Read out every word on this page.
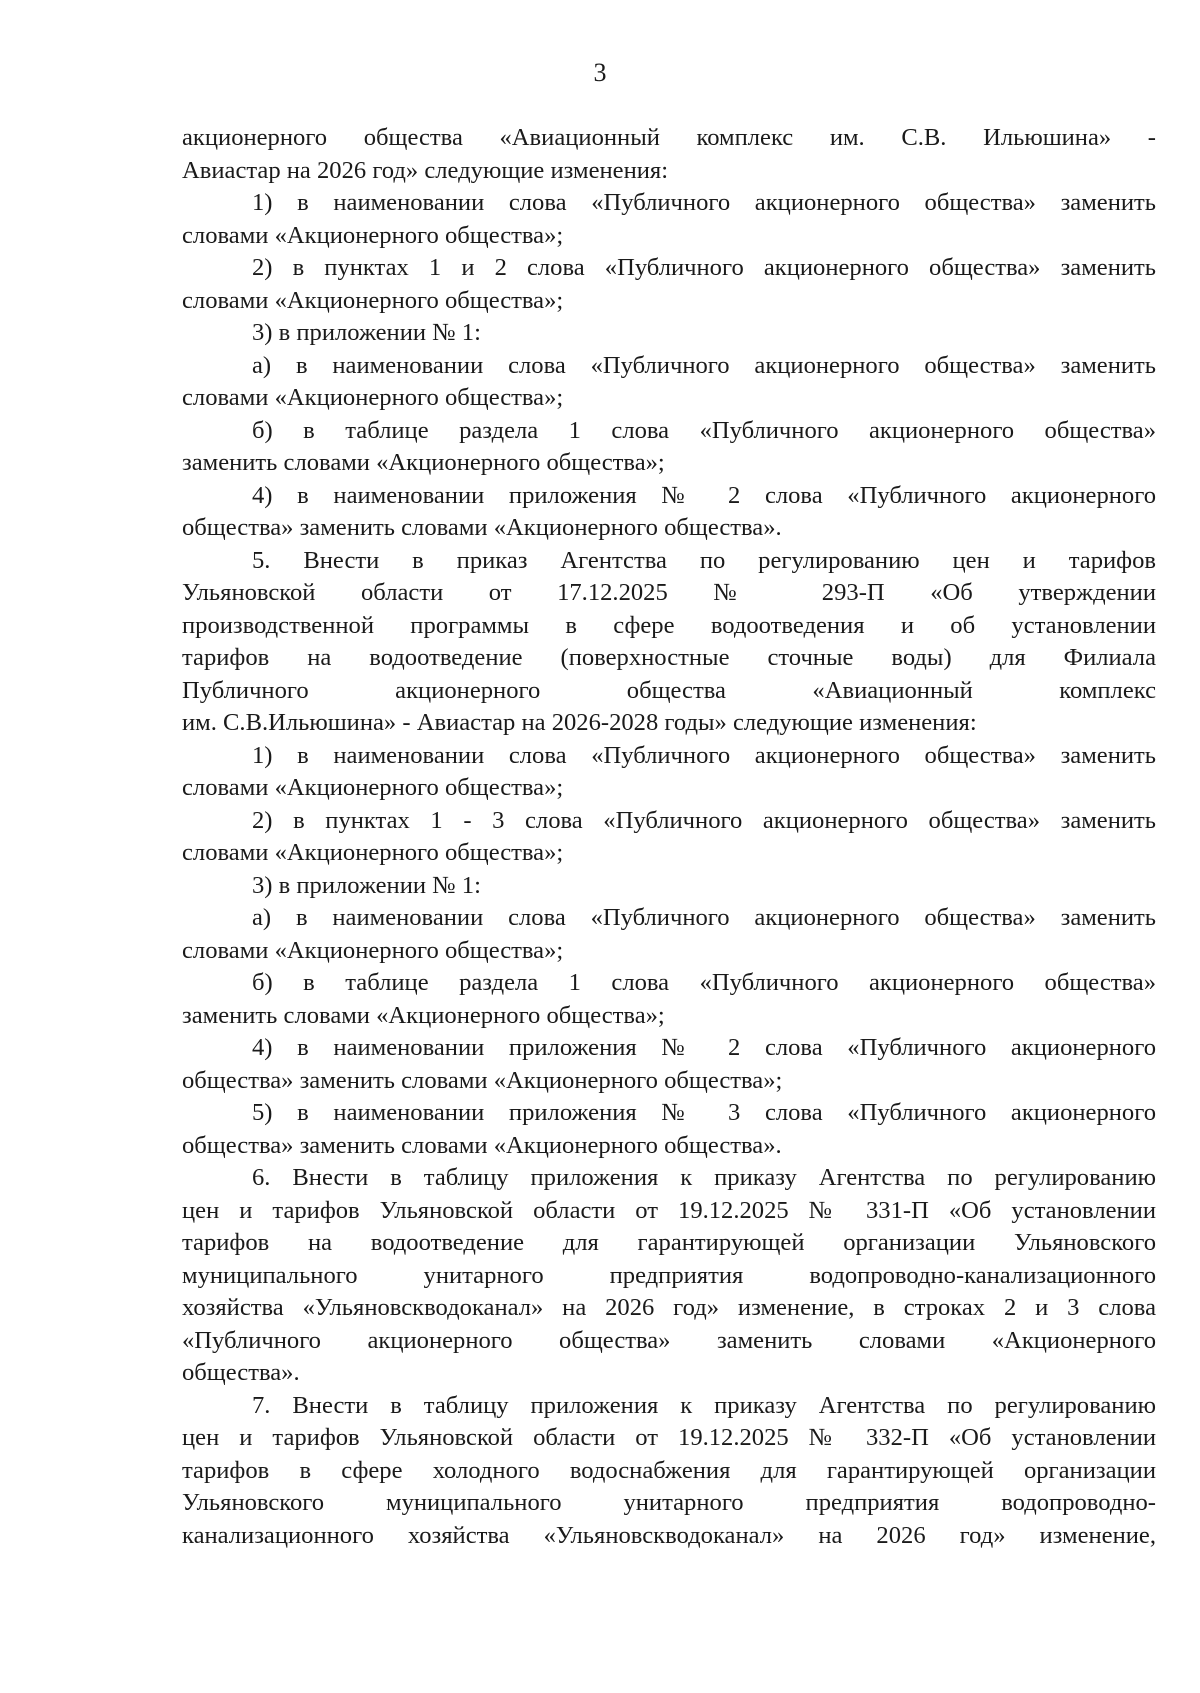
3
акционерного общества «Авиационный комплекс им. С.В. Ильюшина» -
Авиастар на 2026 год» следующие изменения:
1) в наименовании слова «Публичного акционерного общества» заменить
словами «Акционерного общества»;
2) в пунктах 1 и 2 слова «Публичного акционерного общества» заменить
словами «Акционерного общества»;
3) в приложении № 1:
а) в наименовании слова «Публичного акционерного общества» заменить
словами «Акционерного общества»;
б) в таблице раздела 1 слова «Публичного акционерного общества»
заменить словами «Акционерного общества»;
4) в наименовании приложения № 2 слова «Публичного акционерного
общества» заменить словами «Акционерного общества».
5. Внести в приказ Агентства по регулированию цен и тарифов
Ульяновской области от 17.12.2025 № 293-П «Об утверждении
производственной программы в сфере водоотведения и об установлении
тарифов на водоотведение (поверхностные сточные воды) для Филиала
Публичного акционерного общества «Авиационный комплекс
им. С.В.Ильюшина» - Авиастар на 2026-2028 годы» следующие изменения:
1) в наименовании слова «Публичного акционерного общества» заменить
словами «Акционерного общества»;
2) в пунктах 1 - 3 слова «Публичного акционерного общества» заменить
словами «Акционерного общества»;
3) в приложении № 1:
а) в наименовании слова «Публичного акционерного общества» заменить
словами «Акционерного общества»;
б) в таблице раздела 1 слова «Публичного акционерного общества»
заменить словами «Акционерного общества»;
4) в наименовании приложения № 2 слова «Публичного акционерного
общества» заменить словами «Акционерного общества»;
5) в наименовании приложения № 3 слова «Публичного акционерного
общества» заменить словами «Акционерного общества».
6. Внести в таблицу приложения к приказу Агентства по регулированию
цен и тарифов Ульяновской области от 19.12.2025 № 331-П «Об установлении
тарифов на водоотведение для гарантирующей организации Ульяновского
муниципального унитарного предприятия водопроводно-канализационного
хозяйства «Ульяновскводоканал» на 2026 год» изменение, в строках 2 и 3 слова
«Публичного акционерного общества» заменить словами «Акционерного
общества».
7. Внести в таблицу приложения к приказу Агентства по регулированию
цен и тарифов Ульяновской области от 19.12.2025 № 332-П «Об установлении
тарифов в сфере холодного водоснабжения для гарантирующей организации
Ульяновского муниципального унитарного предприятия водопроводно-
канализационного хозяйства «Ульяновскводоканал» на 2026 год» изменение,
